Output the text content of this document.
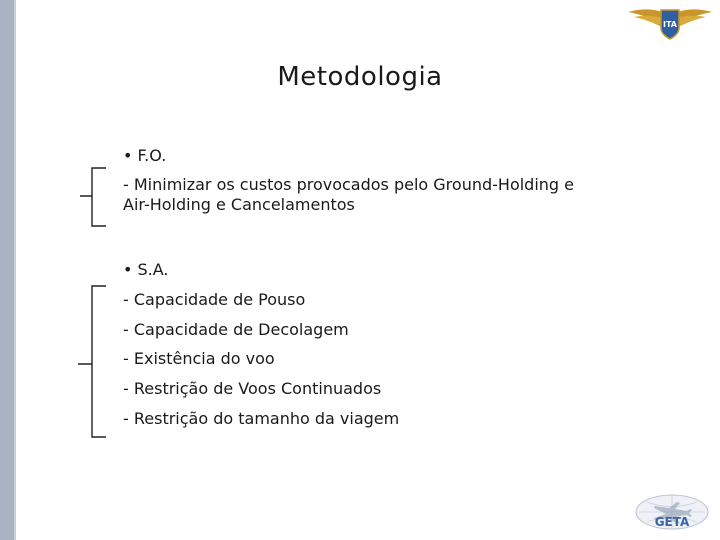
ITA
Metodologia
• F.O.
- Minimizar os custos provocados pelo Ground-Holding e
Air-Holding e Cancelamentos
• S.A.
- Capacidade de Pouso
- Capacidade de Decolagem
- Existência do voo
- Restrição de Voos Continuados
- Restrição do tamanho da viagem
GETA
